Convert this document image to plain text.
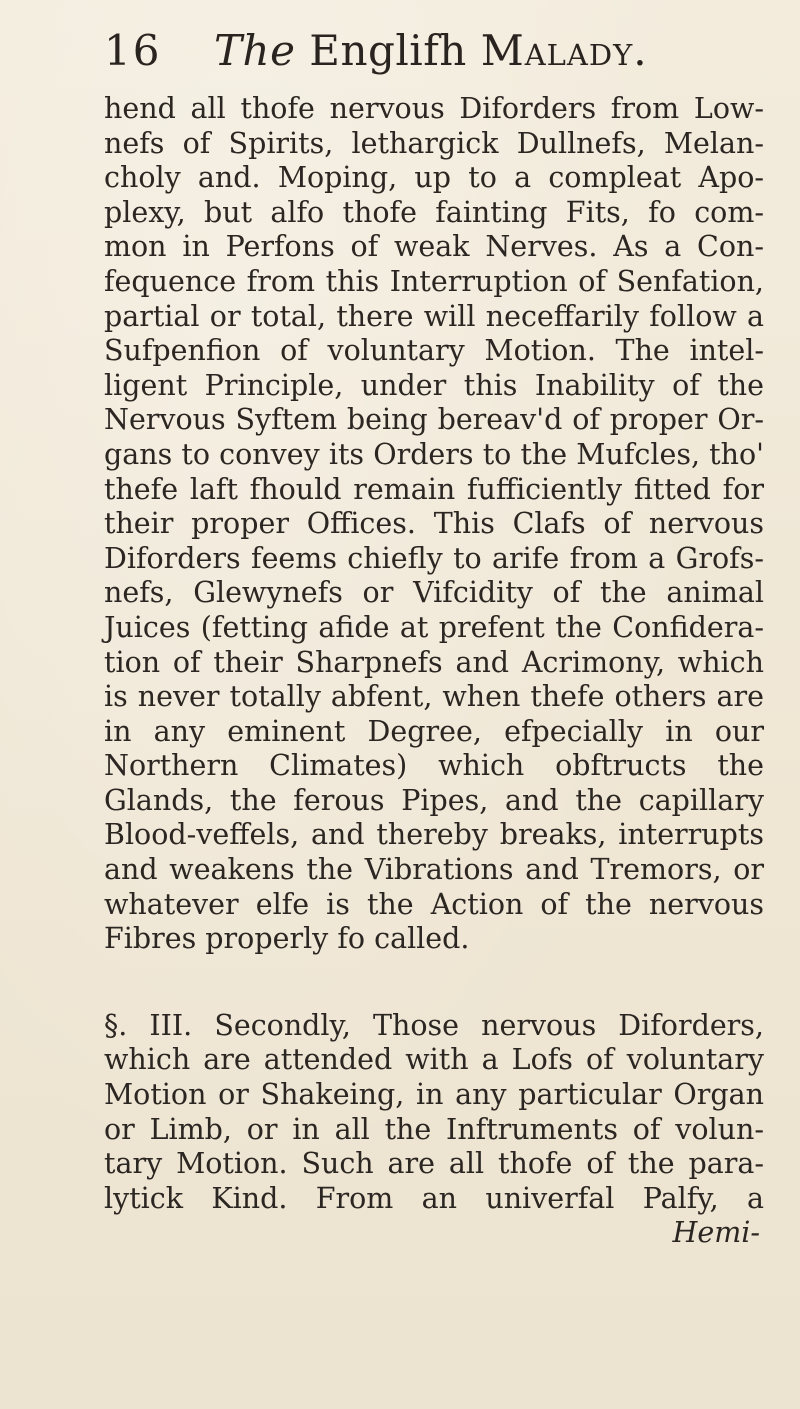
16 The Englifh Malady.
hend all thofe nervous Diforders from Low-
nefs of Spirits, lethargick Dullnefs, Melan-
choly and. Moping, up to a compleat Apo-
plexy, but alfo thofe fainting Fits, fo com-
mon in Perfons of weak Nerves. As a Con-
fequence from this Interruption of Senfation,
partial or total, there will neceffarily follow a
Sufpenfion of voluntary Motion. The intel-
ligent Principle, under this Inability of the
Nervous Syftem being bereav'd of proper Or-
gans to convey its Orders to the Mufcles, tho'
thefe laft fhould remain fufficiently fitted for
their proper Offices. This Clafs of nervous
Diforders feems chiefly to arife from a Grofs-
nefs, Glewynefs or Vifcidity of the animal
Juices (fetting afide at prefent the Confidera-
tion of their Sharpnefs and Acrimony, which
is never totally abfent, when thefe others are
in any eminent Degree, efpecially in our
Northern Climates) which obftructs the
Glands, the ferous Pipes, and the capillary
Blood-veffels, and thereby breaks, interrupts
and weakens the Vibrations and Tremors, or
whatever elfe is the Action of the nervous
Fibres properly fo called.
§. III. Secondly, Those nervous Diforders,
which are attended with a Lofs of voluntary
Motion or Shakeing, in any particular Organ
or Limb, or in all the Inftruments of volun-
tary Motion. Such are all thofe of the para-
lytick Kind. From an univerfal Palfy, a
Hemi-
